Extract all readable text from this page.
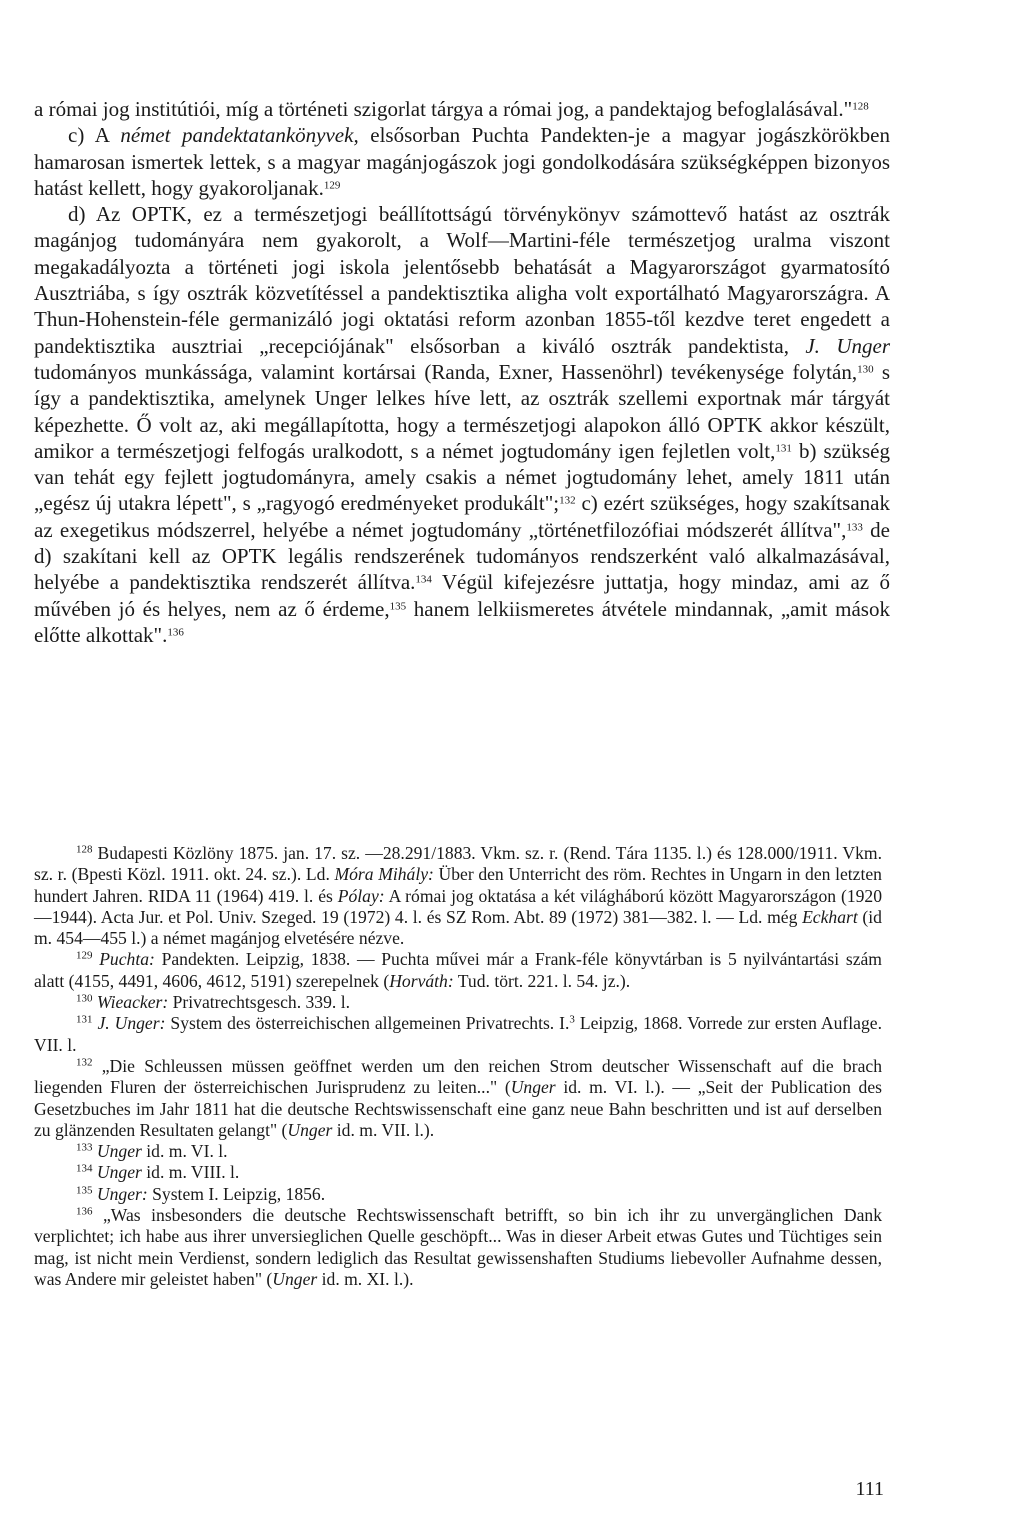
a római jog institútiói, míg a történeti szigorlat tárgya a római jog, a pandektajog befoglalásával."$^{128}$

c) A német pandektatankönyvek, elsősorban Puchta Pandekten-je a magyar jogászkörökben hamarosan ismertek lettek, s a magyar magánjogászok jogi gondolkodására szükségképpen bizonyos hatást kellett, hogy gyakoroljanak.$^{129}$

d) Az OPTK, ez a természetjogi beállítottságú törvénykönyv számottevő hatást az osztrák magánjog tudományára nem gyakorolt, a Wolf—Martini-féle természetjog uralma viszont megakadályozta a történeti jogi iskola jelentősebb behatását a Magyarországot gyarmatosító Ausztriába, s így osztrák közvetítéssel a pandektisztika aligha volt exportálható Magyarországra. A Thun-Hohenstein-féle germanizáló jogi oktatási reform azonban 1855-től kezdve teret engedett a pandektisztika ausztriai „recepciójának" elsősorban a kiváló osztrák pandektista, J. Unger tudományos munkássága, valamint kortársai (Randa, Exner, Hassenöhrl) tevékenysége folytán,$^{130}$ s így a pandektisztika, amelynek Unger lelkes híve lett, az osztrák szellemi exportnak már tárgyát képezhette. Ő volt az, aki megállapította, hogy a természetjogi alapokon álló OPTK akkor készült, amikor a természetjogi felfogás uralkodott, s a német jogtudomány igen fejletlen volt,$^{131}$ b) szükség van tehát egy fejlett jogtudományra, amely csakis a német jogtudomány lehet, amely 1811 után „egész új utakra lépett", s „ragyogó eredményeket produkált";$^{132}$ c) ezért szükséges, hogy szakítsanak az exegetikus módszerrel, helyébe a német jogtudomány „történetfilozófiai módszerét állítva",$^{133}$ de d) szakítani kell az OPTK legális rendszerének tudományos rendszerként való alkalmazásával, helyébe a pandektisztika rendszerét állítva.$^{134}$ Végül kifejezésre juttatja, hogy mindaz, ami az ő művében jó és helyes, nem az ő érdeme,$^{135}$ hanem lelkiismeretes átvétele mindannak, „amit mások előtte alkottak".$^{136}$

$^{128}$ Budapesti Közlöny 1875. jan. 17. sz. —28.291/1883. Vkm. sz. r. (Rend. Tára 1135. l.) és 128.000/1911. Vkm. sz. r. (Bpesti Közl. 1911. okt. 24. sz.). Ld. Móra Mihály: Über den Unterricht des röm. Rechtes in Ungarn in den letzten hundert Jahren. RIDA 11 (1964) 419. l. és Pólay: A római jog oktatása a két világháború között Magyarországon (1920—1944). Acta Jur. et Pol. Univ. Szeged. 19 (1972) 4. l. és SZ Rom. Abt. 89 (1972) 381—382. l. — Ld. még Eckhart (id m. 454—455 l.) a német magánjog elvetésére nézve.

$^{129}$ Puchta: Pandekten. Leipzig, 1838. — Puchta művei már a Frank-féle könyvtárban is 5 nyilvántartási szám alatt (4155, 4491, 4606, 4612, 5191) szerepelnek (Horváth: Tud. tört. 221. l. 54. jz.).

$^{130}$ Wieacker: Privatrechtsgesch. 339. l.

$^{131}$ J. Unger: System des österreichischen allgemeinen Privatrechts. I.$^3$ Leipzig, 1868. Vorrede zur ersten Auflage. VII. l.

$^{132}$ „Die Schleussen müssen geöffnet werden um den reichen Strom deutscher Wissenschaft auf die brach liegenden Fluren der österreichischen Jurisprudenz zu leiten..." (Unger id. m. VI. l.). — „Seit der Publication des Gesetzbuches im Jahr 1811 hat die deutsche Rechtswissenschaft eine ganz neue Bahn beschritten und ist auf derselben zu glänzenden Resultaten gelangt" (Unger id. m. VII. l.).

$^{133}$ Unger id. m. VI. l.

$^{134}$ Unger id. m. VIII. l.

$^{135}$ Unger: System I. Leipzig, 1856.

$^{136}$ „Was insbesonders die deutsche Rechtswissenschaft betrifft, so bin ich ihr zu unvergänglichen Dank verplichtet; ich habe aus ihrer unversieglichen Quelle geschöpft... Was in dieser Arbeit etwas Gutes und Tüchtiges sein mag, ist nicht mein Verdienst, sondern lediglich das Resultat gewissenshaften Studiums liebevoller Aufnahme dessen, was Andere mir geleistet haben" (Unger id. m. XI. l.).

111
